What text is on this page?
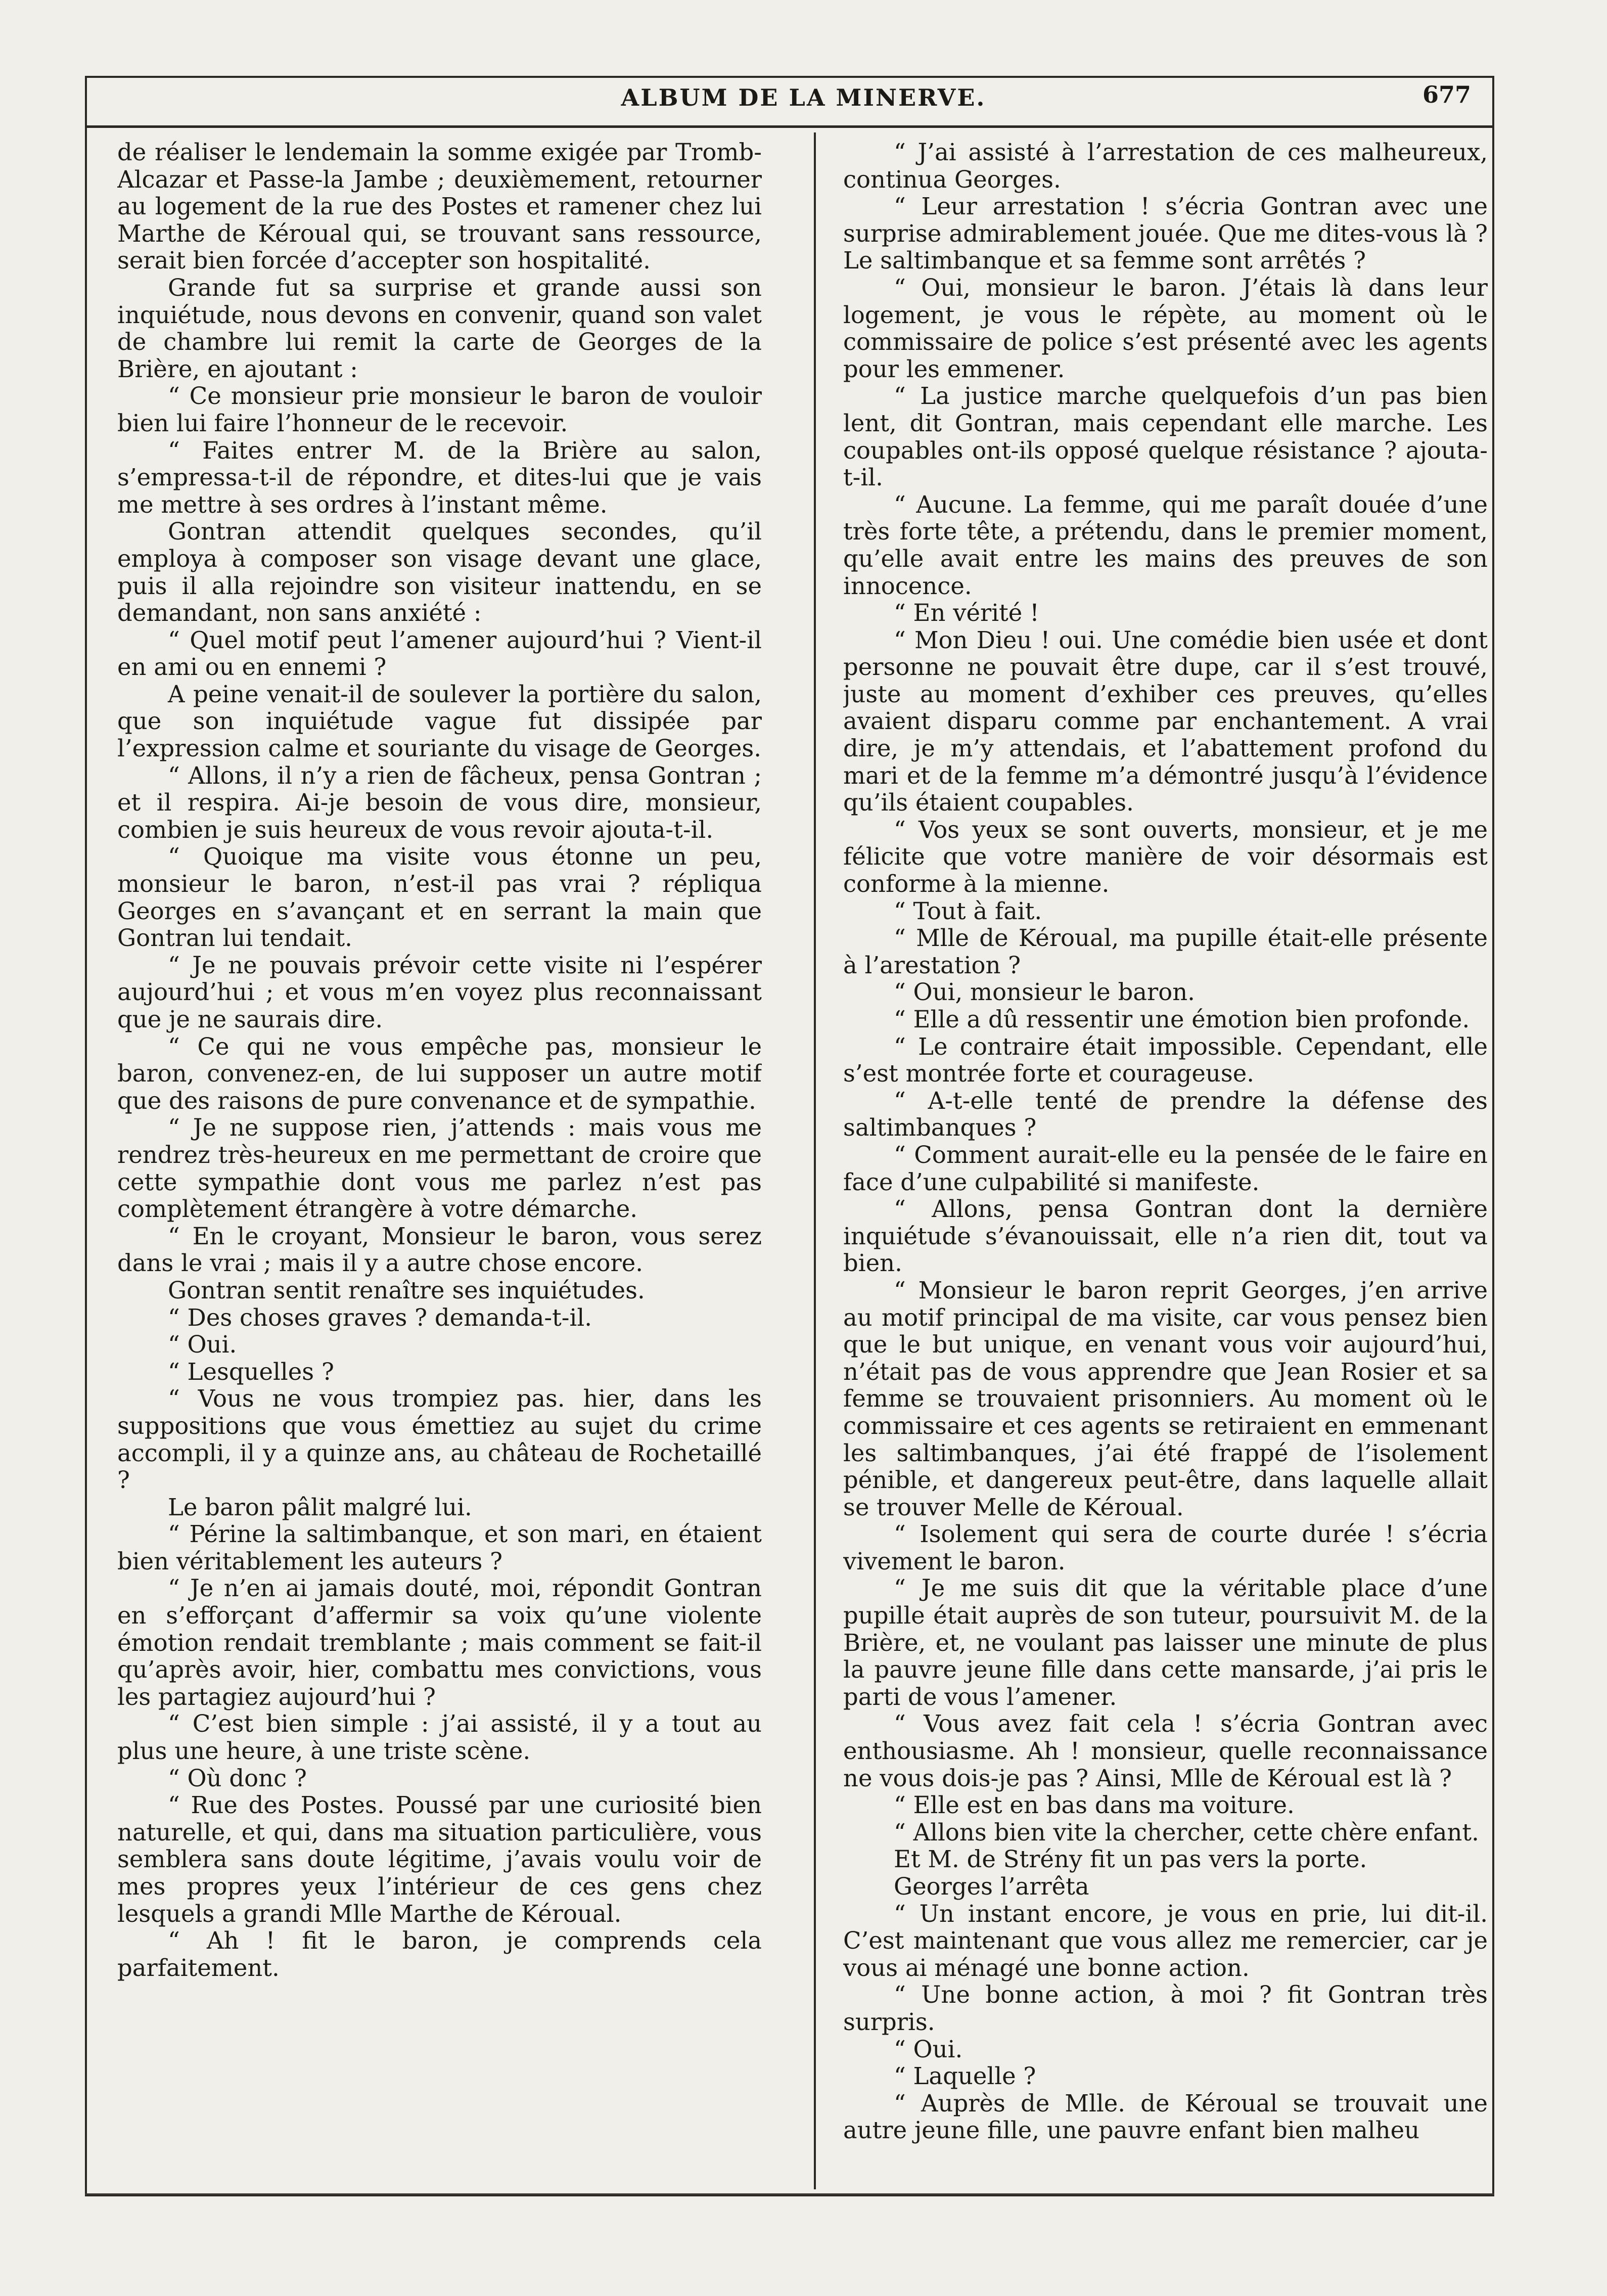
ALBUM DE LA MINERVE.	677

de réaliser le lendemain la somme exigée par Tromb-Alcazar et Passe-la Jambe ; deuxièmement, retourner au logement de la rue des Postes et ramener chez lui Marthe de Kéroual qui, se trouvant sans ressource, serait bien forcée d’accepter son hospitalité.

Grande fut sa surprise et grande aussi son inquiétude, nous devons en convenir, quand son valet de chambre lui remit la carte de Georges de la Brière, en ajoutant :

“ Ce monsieur prie monsieur le baron de vouloir bien lui faire l’honneur de le recevoir.

“ Faites entrer M. de la Brière au salon, s’empressa-t-il de répondre, et dites-lui que je vais me mettre à ses ordres à l’instant même.

Gontran attendit quelques secondes, qu’il employa à composer son visage devant une glace, puis il alla rejoindre son visiteur inattendu, en se demandant, non sans anxiété :

“ Quel motif peut l’amener aujourd’hui ? Vient-il en ami ou en ennemi ?

A peine venait-il de soulever la portière du salon, que son inquiétude vague fut dissipée par l’expression calme et souriante du visage de Georges.

“ Allons, il n’y a rien de fâcheux, pensa Gontran ; et il respira. Ai-je besoin de vous dire, monsieur, combien je suis heureux de vous revoir ajouta-t-il.

“ Quoique ma visite vous étonne un peu, monsieur le baron, n’est-il pas vrai ? répliqua Georges en s’avançant et en serrant la main que Gontran lui tendait.

“ Je ne pouvais prévoir cette visite ni l’espérer aujourd’hui ; et vous m’en voyez plus reconnaissant que je ne saurais dire.

“ Ce qui ne vous empêche pas, monsieur le baron, convenez-en, de lui supposer un autre motif que des raisons de pure convenance et de sympathie.

“ Je ne suppose rien, j’attends : mais vous me rendrez très-heureux en me permettant de croire que cette sympathie dont vous me parlez n’est pas complètement étrangère à votre démarche.

“ En le croyant, Monsieur le baron, vous serez dans le vrai ; mais il y a autre chose encore.

Gontran sentit renaître ses inquiétudes.

“ Des choses graves ? demanda-t-il.

“ Oui.

“ Lesquelles ?

“ Vous ne vous trompiez pas. hier, dans les suppositions que vous émettiez au sujet du crime accompli, il y a quinze ans, au château de Rochetaillé ?

Le baron pâlit malgré lui.

“ Périne la saltimbanque, et son mari, en étaient bien véritablement les auteurs ?

“ Je n’en ai jamais douté, moi, répondit Gontran en s’efforçant d’affermir sa voix qu’une violente émotion rendait tremblante ; mais comment se fait-il qu’après avoir, hier, combattu mes convictions, vous les partagiez aujourd’hui ?

“ C’est bien simple : j’ai assisté, il y a tout au plus une heure, à une triste scène.

“ Où donc ?

“ Rue des Postes. Poussé par une curiosité bien naturelle, et qui, dans ma situation particulière, vous semblera sans doute légitime, j’avais voulu voir de mes propres yeux l’intérieur de ces gens chez lesquels a grandi Mlle Marthe de Kéroual.

“ Ah ! fit le baron, je comprends cela parfaitement.

“ J’ai assisté à l’arrestation de ces malheureux, continua Georges.

“ Leur arrestation ! s’écria Gontran avec une surprise admirablement jouée. Que me dites-vous là ? Le saltimbanque et sa femme sont arrêtés ?

“ Oui, monsieur le baron. J’étais là dans leur logement, je vous le répète, au moment où le commissaire de police s’est présenté avec les agents pour les emmener.

“ La justice marche quelquefois d’un pas bien lent, dit Gontran, mais cependant elle marche. Les coupables ont-ils opposé quelque résistance ? ajouta-t-il.

“ Aucune. La femme, qui me paraît douée d’une très forte tête, a prétendu, dans le premier moment, qu’elle avait entre les mains des preuves de son innocence.

“ En vérité !

“ Mon Dieu ! oui. Une comédie bien usée et dont personne ne pouvait être dupe, car il s’est trouvé, juste au moment d’exhiber ces preuves, qu’elles avaient disparu comme par enchantement. A vrai dire, je m’y attendais, et l’abattement profond du mari et de la femme m’a démontré jusqu’à l’évidence qu’ils étaient coupables.

“ Vos yeux se sont ouverts, monsieur, et je me félicite que votre manière de voir désormais est conforme à la mienne.

“ Tout à fait.

“ Mlle de Kéroual, ma pupille était-elle présente à l’arestation ?

“ Oui, monsieur le baron.

“ Elle a dû ressentir une émotion bien profonde.

“ Le contraire était impossible. Cependant, elle s’est montrée forte et courageuse.

“ A-t-elle tenté de prendre la défense des saltimbanques ?

“ Comment aurait-elle eu la pensée de le faire en face d’une culpabilité si manifeste.

“ Allons, pensa Gontran dont la dernière inquiétude s’évanouissait, elle n’a rien dit, tout va bien.

“ Monsieur le baron reprit Georges, j’en arrive au motif principal de ma visite, car vous pensez bien que le but unique, en venant vous voir aujourd’hui, n’était pas de vous apprendre que Jean Rosier et sa femme se trouvaient prisonniers. Au moment où le commissaire et ces agents se retiraient en emmenant les saltimbanques, j’ai été frappé de l’isolement pénible, et dangereux peut-être, dans laquelle allait se trouver Melle de Kéroual.

“ Isolement qui sera de courte durée ! s’écria vivement le baron.

“ Je me suis dit que la véritable place d’une pupille était auprès de son tuteur, poursuivit M. de la Brière, et, ne voulant pas laisser une minute de plus la pauvre jeune fille dans cette mansarde, j’ai pris le parti de vous l’amener.

“ Vous avez fait cela ! s’écria Gontran avec enthousiasme. Ah ! monsieur, quelle reconnaissance ne vous dois-je pas ? Ainsi, Mlle de Kéroual est là ?

“ Elle est en bas dans ma voiture.

“ Allons bien vite la chercher, cette chère enfant.

Et M. de Strény fit un pas vers la porte.

Georges l’arrêta

“ Un instant encore, je vous en prie, lui dit-il. C’est maintenant que vous allez me remercier, car je vous ai ménagé une bonne action.

“ Une bonne action, à moi ? fit Gontran très surpris.

“ Oui.

“ Laquelle ?

“ Auprès de Mlle. de Kéroual se trouvait une autre jeune fille, une pauvre enfant bien malheu
